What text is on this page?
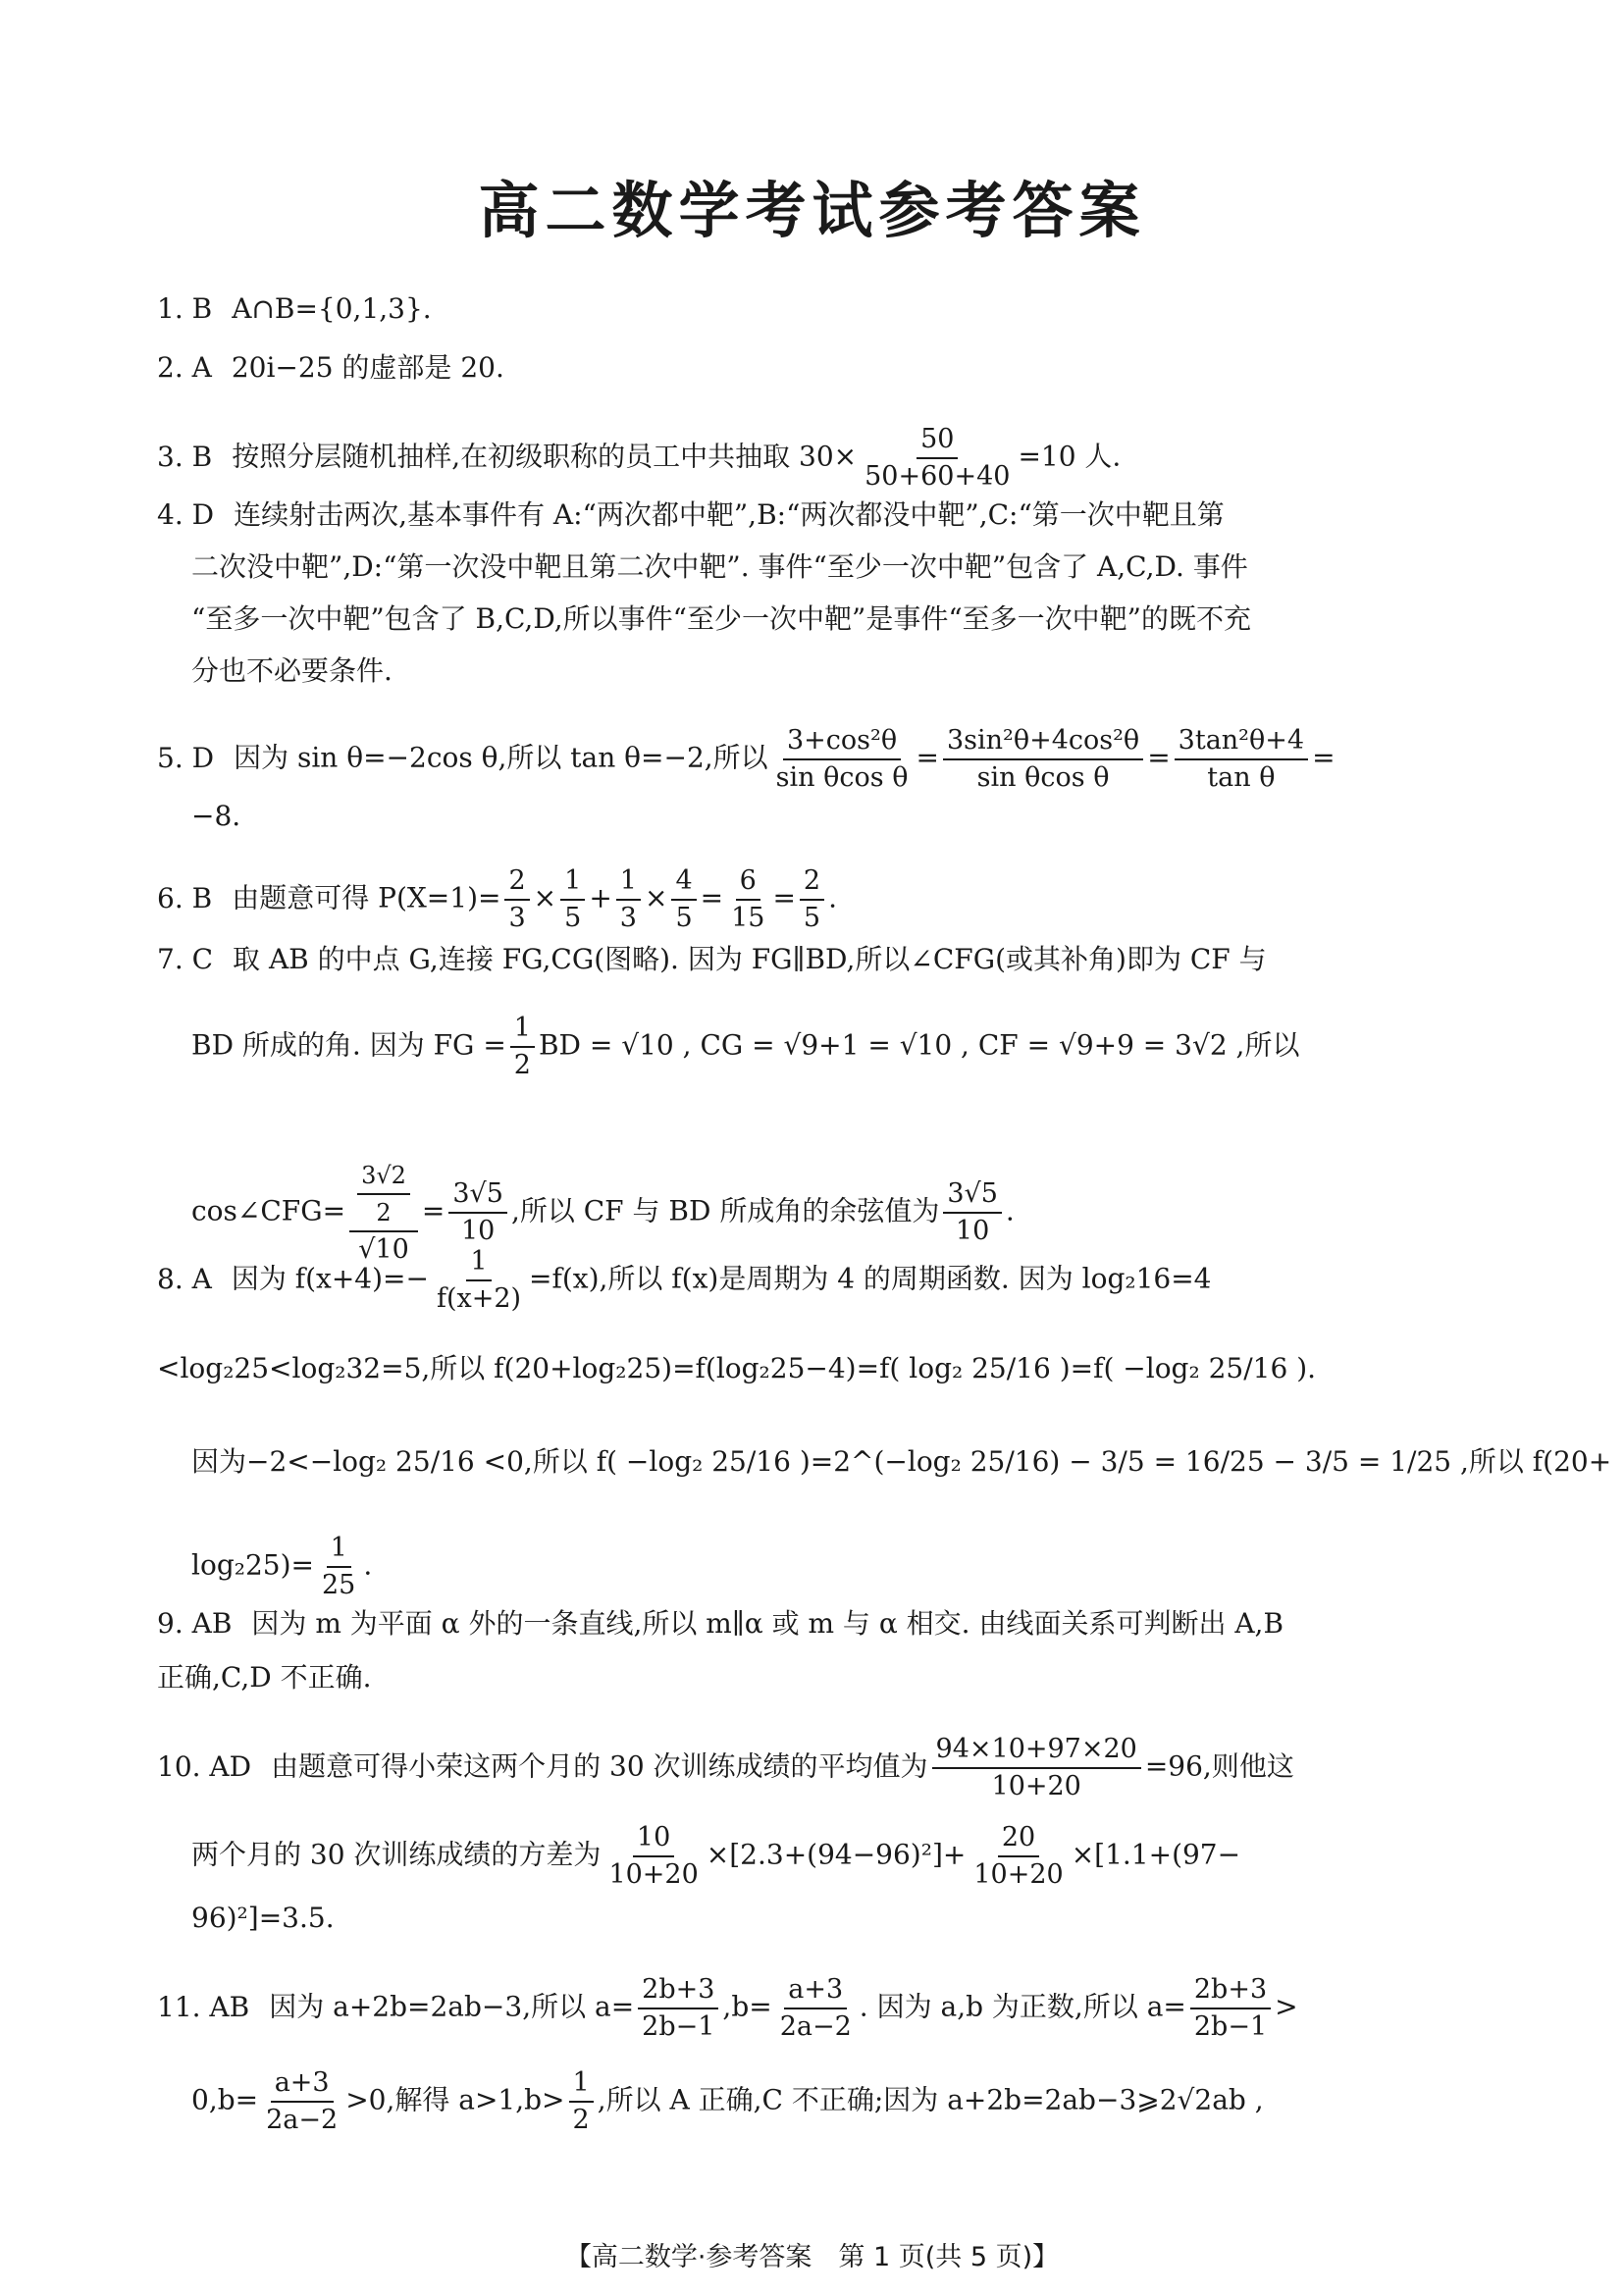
高二数学考试参考答案
1. B A∩B={0,1,3}.
2. A 20i−25 的虚部是 20.
3. B 按照分层随机抽样,在初级职称的员工中共抽取 $30\times \frac{50}{50+60+40} =10$ 人.
4. D 连续射击两次,基本事件有 A:“两次都中靶”,B:“两次都没中靶”,C:“第一次中靶且第
二次没中靶”,D:“第一次没中靶且第二次中靶”. 事件“至少一次中靶”包含了 A,C,D. 事件
“至多一次中靶”包含了 B,C,D,所以事件“至少一次中靶”是事件“至多一次中靶”的既不充
分也不必要条件.
5. D 因为 sin θ=−2cos θ,所以 tan θ=−2,所以 $\frac{\text{3+cos²θ}}{\text{sin θcos θ}} = \frac{\text{3sin²θ+4cos²θ}}{\text{sin θcos θ}} = \frac{\text{3tan²θ+4}}{\text{tan θ}}$ =
−8.
6. B 由题意可得 $P(X=1)= \frac{2}{3} \times \frac{1}{5} + \frac{1}{3} \times \frac{4}{5} = \frac{6}{15} = \frac{2}{5}$ .
7. C 取 AB 的中点 G,连接 FG,CG(图略). 因为 FG∥BD,所以∠CFG(或其补角)即为 CF 与
BD 所成的角. 因为 FG = $\frac{1}{2}$ BD = √10 , CG = √9+1 = √10 , CF = √9+9 = 3√2 ,所以
cos∠CFG= $\frac{\frac{3√2}{2}}{√10} = \frac{3√5}{10}$ ,所以 CF 与 BD 所成角的余弦值为 $\frac{3√5}{10}$ .
8. A 因为 $f(x+4)=- \frac{1}{f(x+2)} =f(x)$,所以 f(x)是周期为 4 的周期函数. 因为 log₂16=4
<log₂25<log₂32=5,所以 f(20+log₂25)=f(log₂25−4)=f( log₂ 25/16 )=f( −log₂ 25/16 ).
因为−2<−log₂ 25/16 <0,所以 f( −log₂ 25/16 )=2^(−log₂ 25/16) − 3/5 = 16/25 − 3/5 = 1/25 ,所以 f(20+
$\log_225)= \frac{1}{25}$ .
9. AB 因为 m 为平面 α 外的一条直线,所以 m∥α 或 m 与 α 相交. 由线面关系可判断出 A,B
正确,C,D 不正确.
10. AD 由题意可得小荣这两个月的 30 次训练成绩的平均值为 $\frac{94\times 10+97\times 20}{10+20} =96$,则他这
两个月的 30 次训练成绩的方差为 $\frac{10}{10+20} \times[2.3+(94-96)^2]+ \frac{20}{10+20} \times[1.1+(97-$
96)²]=3.5.
11. AB 因为 a+2b=2ab−3,所以 $a= \frac{2b+3}{2b-1} ,b= \frac{a+3}{2a-2}$ . 因为 a,b 为正数,所以 $a= \frac{2b+3}{2b-1}$ >
$0,b= \frac{a+3}{2a-2} >0$,解得 $a>1,b> \frac{1}{2}$ ,所以 A 正确,C 不正确;因为 a+2b=2ab−3⩾2√2ab ,
【高二数学·参考答案　第 1 页(共 5 页)】
